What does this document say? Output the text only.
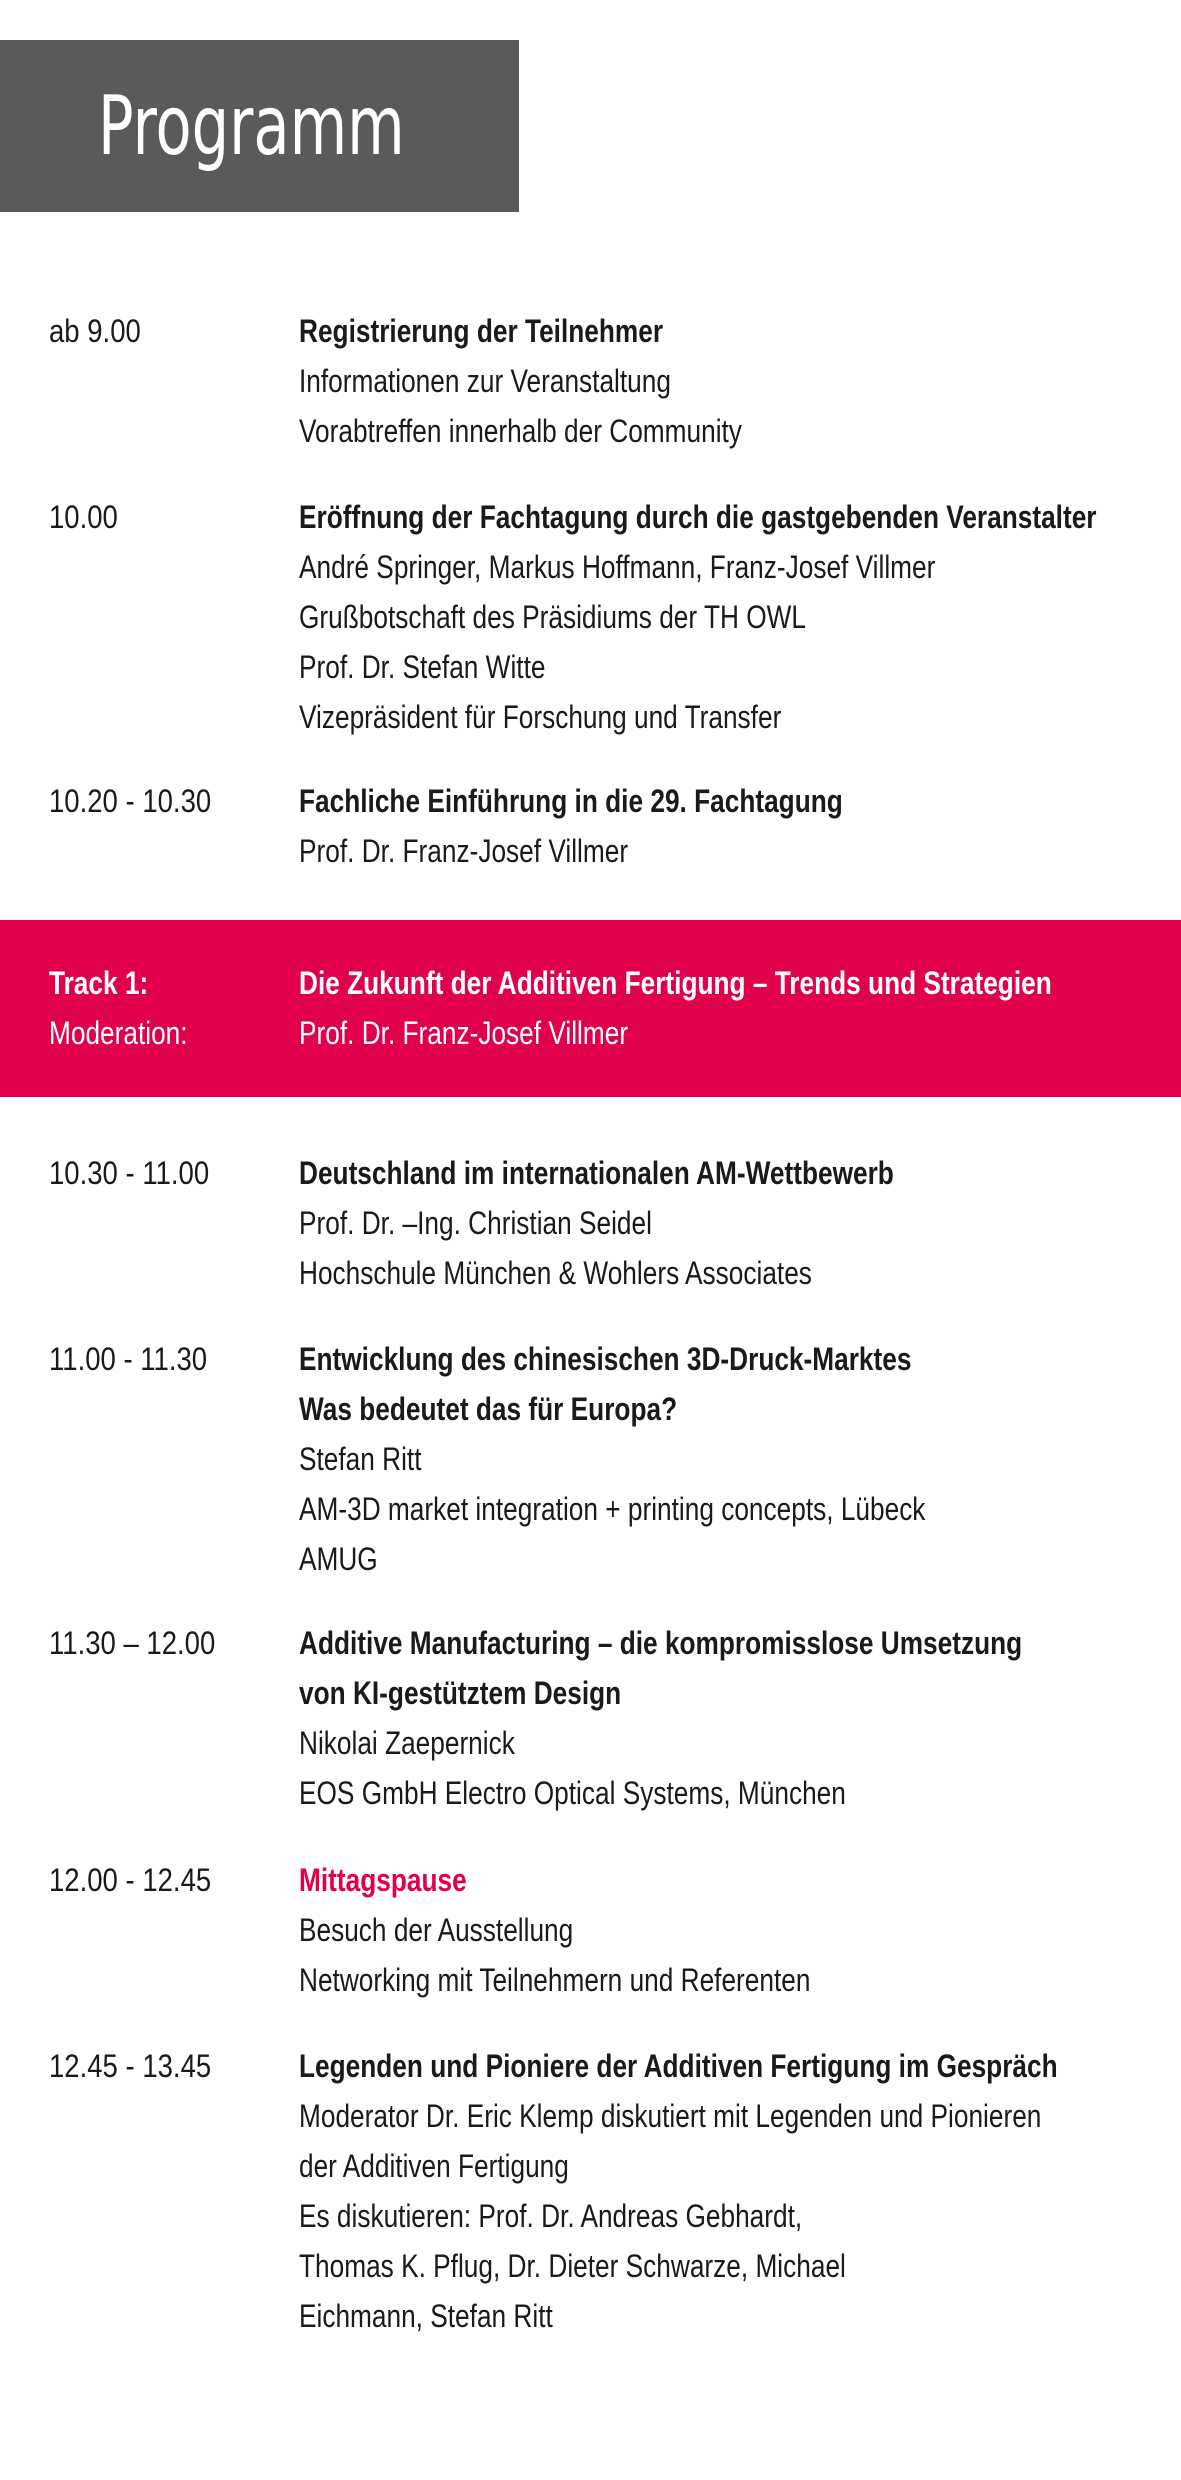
Programm
ab 9.00	Registrierung der Teilnehmer
Informationen zur Veranstaltung
Vorabtreffen innerhalb der Community
10.00	Eröffnung der Fachtagung durch die gastgebenden Veranstalter
André Springer, Markus Hoffmann, Franz-Josef Villmer
Grußbotschaft des Präsidiums der TH OWL
Prof. Dr. Stefan Witte
Vizepräsident für Forschung und Transfer
10.20 - 10.30	Fachliche Einführung in die 29. Fachtagung
Prof. Dr. Franz-Josef Villmer
Track 1:	Die Zukunft der Additiven Fertigung – Trends und Strategien
Moderation:	Prof. Dr. Franz-Josef Villmer
10.30 - 11.00	Deutschland im internationalen AM-Wettbewerb
Prof. Dr. –Ing. Christian Seidel
Hochschule München & Wohlers Associates
11.00 - 11.30	Entwicklung des chinesischen 3D-Druck-Marktes
Was bedeutet das für Europa?
Stefan Ritt
AM-3D market integration + printing concepts, Lübeck
AMUG
11.30 – 12.00	Additive Manufacturing – die kompromisslose Umsetzung
von KI-gestütztem Design
Nikolai Zaepernick
EOS GmbH Electro Optical Systems, München
12.00 - 12.45	Mittagspause
Besuch der Ausstellung
Networking mit Teilnehmern und Referenten
12.45 - 13.45	Legenden und Pioniere der Additiven Fertigung im Gespräch
Moderator Dr. Eric Klemp diskutiert mit Legenden und Pionieren
der Additiven Fertigung
Es diskutieren: Prof. Dr. Andreas Gebhardt,
Thomas K. Pflug, Dr. Dieter Schwarze, Michael
Eichmann, Stefan Ritt
